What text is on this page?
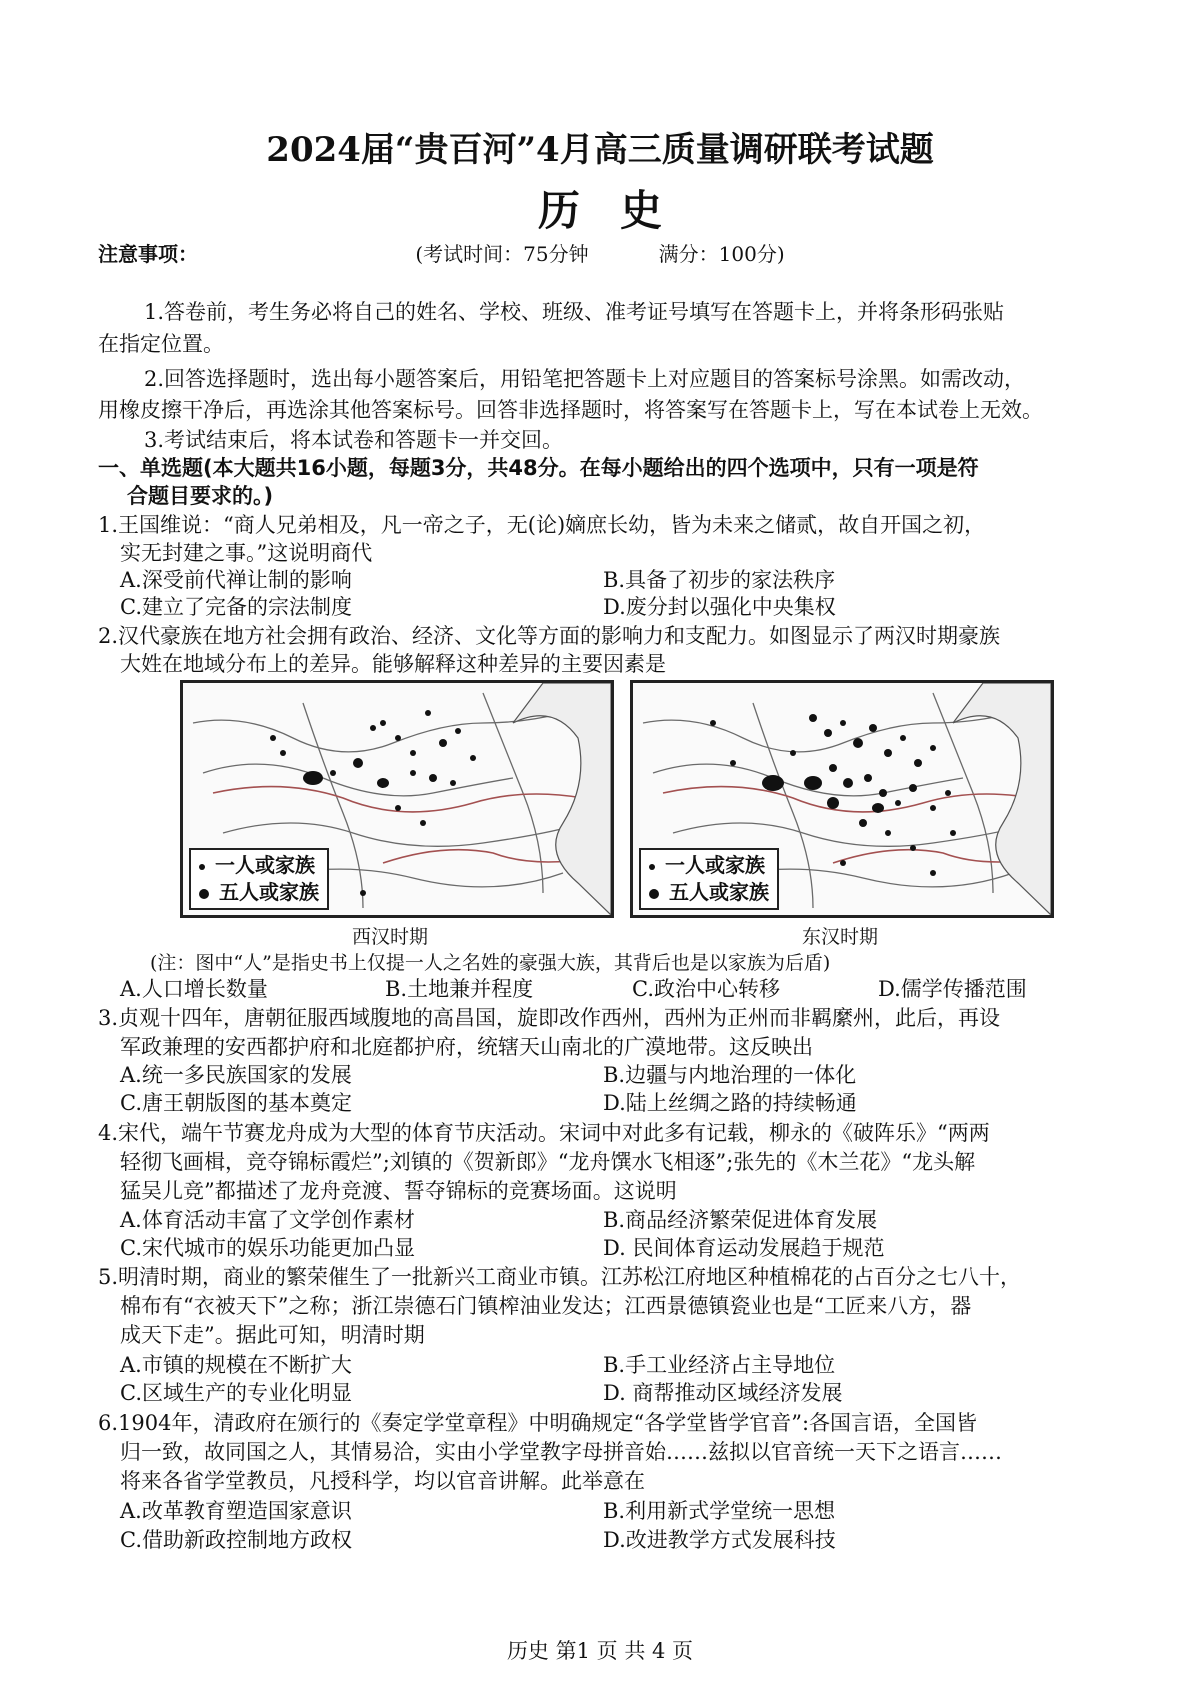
2024届“贵百河”4月高三质量调研联考试题
历史
(考试时间：75分钟	满分：100分)
注意事项：
1.答卷前，考生务必将自己的姓名、学校、班级、准考证号填写在答题卡上，并将条形码张贴
在指定位置。
2.回答选择题时，选出每小题答案后，用铅笔把答题卡上对应题目的答案标号涂黑。如需改动，
用橡皮擦干净后，再选涂其他答案标号。回答非选择题时，将答案写在答题卡上，写在本试卷上无效。
3.考试结束后，将本试卷和答题卡一并交回。
一、单选题(本大题共16小题，每题3分，共48分。在每小题给出的四个选项中，只有一项是符
合题目要求的。)
1.王国维说：“商人兄弟相及，凡一帝之子，无(论)嫡庶长幼，皆为未来之储贰，故自开国之初，
实无封建之事。”这说明商代
A.深受前代禅让制的影响	B.具备了初步的家法秩序
C.建立了完备的宗法制度	D.废分封以强化中央集权
2.汉代豪族在地方社会拥有政治、经济、文化等方面的影响力和支配力。如图显示了两汉时期豪族
大姓在地域分布上的差异。能够解释这种差异的主要因素是
一人或家族
五人或家族
一人或家族
五人或家族
西汉时期	东汉时期
(注：图中“人”是指史书上仅提一人之名姓的豪强大族，其背后也是以家族为后盾)
A.人口增长数量	B.土地兼并程度	C.政治中心转移	D.儒学传播范围
3.贞观十四年，唐朝征服西域腹地的高昌国，旋即改作西州，西州为正州而非羁縻州，此后，再设
军政兼理的安西都护府和北庭都护府，统辖天山南北的广漠地带。这反映出
A.统一多民族国家的发展	B.边疆与内地治理的一体化
C.唐王朝版图的基本奠定	D.陆上丝绸之路的持续畅通
4.宋代，端午节赛龙舟成为大型的体育节庆活动。宋词中对此多有记载，柳永的《破阵乐》“两两
轻彻飞画楫，竞夺锦标霞烂”;刘镇的《贺新郎》“龙舟馔水飞相逐”;张先的《木兰花》“龙头解
猛吴儿竞”都描述了龙舟竞渡、誓夺锦标的竞赛场面。这说明
A.体育活动丰富了文学创作素材	B.商品经济繁荣促进体育发展
C.宋代城市的娱乐功能更加凸显	D. 民间体育运动发展趋于规范
5.明清时期，商业的繁荣催生了一批新兴工商业市镇。江苏松江府地区种植棉花的占百分之七八十，
棉布有“衣被天下”之称；浙江崇德石门镇榨油业发达；江西景德镇瓷业也是“工匠来八方，器
成天下走”。据此可知，明清时期
A.市镇的规模在不断扩大	B.手工业经济占主导地位
C.区域生产的专业化明显	D. 商帮推动区域经济发展
6.1904年，清政府在颁行的《奏定学堂章程》中明确规定“各学堂皆学官音”:各国言语，全国皆
归一致，故同国之人，其情易洽，实由小学堂教字母拼音始……兹拟以官音统一天下之语言……
将来各省学堂教员，凡授科学，均以官音讲解。此举意在
A.改革教育塑造国家意识	B.利用新式学堂统一思想
C.借助新政控制地方政权	D.改进教学方式发展科技
历史 第1 页 共 4 页
